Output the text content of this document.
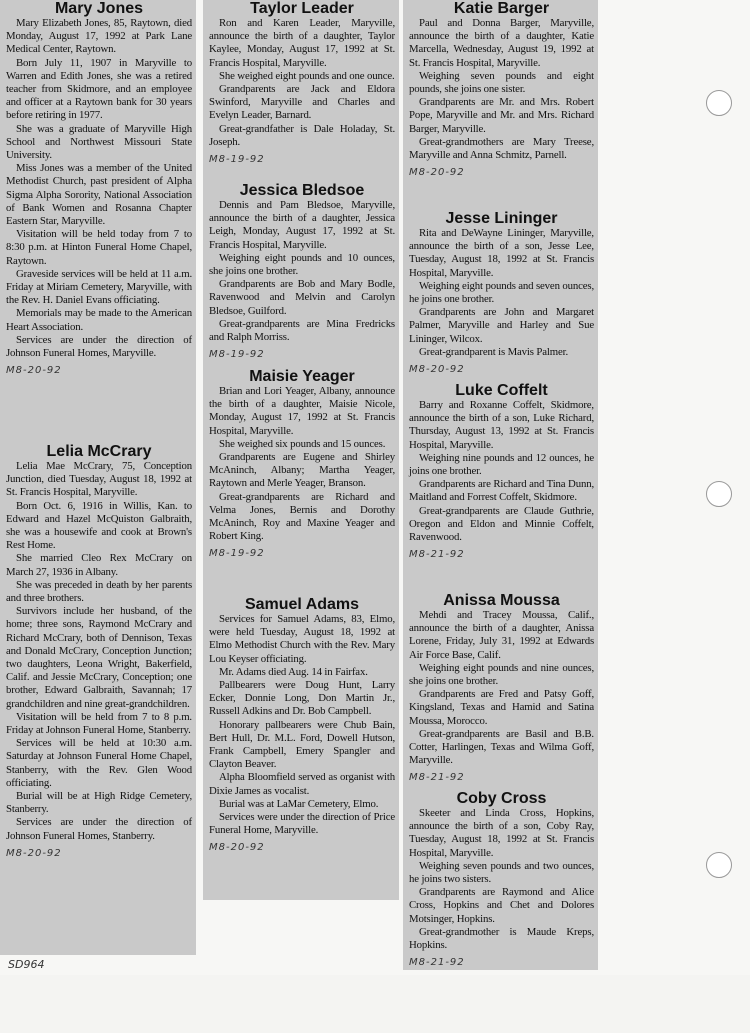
Mary Jones

Mary Elizabeth Jones, 85, Raytown, died Monday, August 17, 1992 at Park Lane Medical Center, Raytown.

Born July 11, 1907 in Maryville to Warren and Edith Jones, she was a retired teacher from Skidmore, and an employee and officer at a Raytown bank for 30 years before retiring in 1977.

She was a graduate of Maryville High School and Northwest Missouri State University.

Miss Jones was a member of the United Methodist Church, past president of Alpha Sigma Alpha Sorority, National Association of Bank Women and Rosanna Chapter Eastern Star, Maryville.

Visitation will be held today from 7 to 8:30 p.m. at Hinton Funeral Home Chapel, Raytown.

Graveside services will be held at 11 a.m. Friday at Miriam Cemetery, Maryville, with the Rev. H. Daniel Evans officiating.

Memorials may be made to the American Heart Association.

Services are under the direction of Johnson Funeral Homes, Maryville.

M8-20-92
Lelia McCrary

Lelia Mae McCrary, 75, Conception Junction, died Tuesday, August 18, 1992 at St. Francis Hospital, Maryville.

Born Oct. 6, 1916 in Willis, Kan. to Edward and Hazel McQuiston Galbraith, she was a housewife and cook at Brown's Rest Home.

She married Cleo Rex McCrary on March 27, 1936 in Albany.

She was preceded in death by her parents and three brothers.

Survivors include her husband, of the home; three sons, Raymond McCrary and Richard McCrary, both of Dennison, Texas and Donald McCrary, Conception Junction; two daughters, Leona Wright, Bakerfield, Calif. and Jessie McCrary, Conception; one brother, Edward Galbraith, Savannah; 17 grandchildren and nine great-grandchildren.

Visitation will be held from 7 to 8 p.m. Friday at Johnson Funeral Home, Stanberry.

Services will be held at 10:30 a.m. Saturday at Johnson Funeral Home Chapel, Stanberry, with the Rev. Glen Wood officiating.

Burial will be at High Ridge Cemetery, Stanberry.

Services are under the direction of Johnson Funeral Homes, Stanberry.

M8-20-92
Taylor Leader

Ron and Karen Leader, Maryville, announce the birth of a daughter, Taylor Kaylee, Monday, August 17, 1992 at St. Francis Hospital, Maryville.

She weighed eight pounds and one ounce.

Grandparents are Jack and Eldora Swinford, Maryville and Charles and Evelyn Leader, Barnard.

Great-grandfather is Dale Holaday, St. Joseph.

M8-19-92
Jessica Bledsoe

Dennis and Pam Bledsoe, Maryville, announce the birth of a daughter, Jessica Leigh, Monday, August 17, 1992 at St. Francis Hospital, Maryville.

Weighing eight pounds and 10 ounces, she joins one brother.

Grandparents are Bob and Mary Bodle, Ravenwood and Melvin and Carolyn Bledsoe, Guilford.

Great-grandparents are Mina Fredricks and Ralph Morriss.

M8-19-92
Maisie Yeager

Brian and Lori Yeager, Albany, announce the birth of a daughter, Maisie Nicole, Monday, August 17, 1992 at St. Francis Hospital, Maryville.

She weighed six pounds and 15 ounces.

Grandparents are Eugene and Shirley McAninch, Albany; Martha Yeager, Raytown and Merle Yeager, Branson.

Great-grandparents are Richard and Velma Jones, Bernis and Dorothy McAninch, Roy and Maxine Yeager and Robert King.

M8-19-92
Samuel Adams

Services for Samuel Adams, 83, Elmo, were held Tuesday, August 18, 1992 at Elmo Methodist Church with the Rev. Mary Lou Keyser officiating.

Mr. Adams died Aug. 14 in Fairfax.

Pallbearers were Doug Hunt, Larry Ecker, Donnie Long, Don Martin Jr., Russell Adkins and Dr. Bob Campbell.

Honorary pallbearers were Chub Bain, Bert Hull, Dr. M.L. Ford, Dowell Hutson, Frank Campbell, Emery Spangler and Clayton Beaver.

Alpha Bloomfield served as organist with Dixie James as vocalist.

Burial was at LaMar Cemetery, Elmo.

Services were under the direction of Price Funeral Home, Maryville.

M8-20-92
Katie Barger

Paul and Donna Barger, Maryville, announce the birth of a daughter, Katie Marcella, Wednesday, August 19, 1992 at St. Francis Hospital, Maryville.

Weighing seven pounds and eight pounds, she joins one sister.

Grandparents are Mr. and Mrs. Robert Pope, Maryville and Mr. and Mrs. Richard Barger, Maryville.

Great-grandmothers are Mary Treese, Maryville and Anna Schmitz, Parnell.

M8-20-92
Jesse Lininger

Rita and DeWayne Lininger, Maryville, announce the birth of a son, Jesse Lee, Tuesday, August 18, 1992 at St. Francis Hospital, Maryville.

Weighing eight pounds and seven ounces, he joins one brother.

Grandparents are John and Margaret Palmer, Maryville and Harley and Sue Lininger, Wilcox.

Great-grandparent is Mavis Palmer.

M8-20-92
Luke Coffelt

Barry and Roxanne Coffelt, Skidmore, announce the birth of a son, Luke Richard, Thursday, August 13, 1992 at St. Francis Hospital, Maryville.

Weighing nine pounds and 12 ounces, he joins one brother.

Grandparents are Richard and Tina Dunn, Maitland and Forrest Coffelt, Skidmore.

Great-grandparents are Claude Guthrie, Oregon and Eldon and Minnie Coffelt, Ravenwood.

M8-21-92
Anissa Moussa

Mehdi and Tracey Moussa, Calif., announce the birth of a daughter, Anissa Lorene, Friday, July 31, 1992 at Edwards Air Force Base, Calif.

Weighing eight pounds and nine ounces, she joins one brother.

Grandparents are Fred and Patsy Goff, Kingsland, Texas and Hamid and Satina Moussa, Morocco.

Great-grandparents are Basil and B.B. Cotter, Harlingen, Texas and Wilma Goff, Maryville.

M8-21-92
Coby Cross

Skeeter and Linda Cross, Hopkins, announce the birth of a son, Coby Ray, Tuesday, August 18, 1992 at St. Francis Hospital, Maryville.

Weighing seven pounds and two ounces, he joins two sisters.

Grandparents are Raymond and Alice Cross, Hopkins and Chet and Dolores Motsinger, Hopkins.

Great-grandmother is Maude Kreps, Hopkins.

M8-21-92
SD964
